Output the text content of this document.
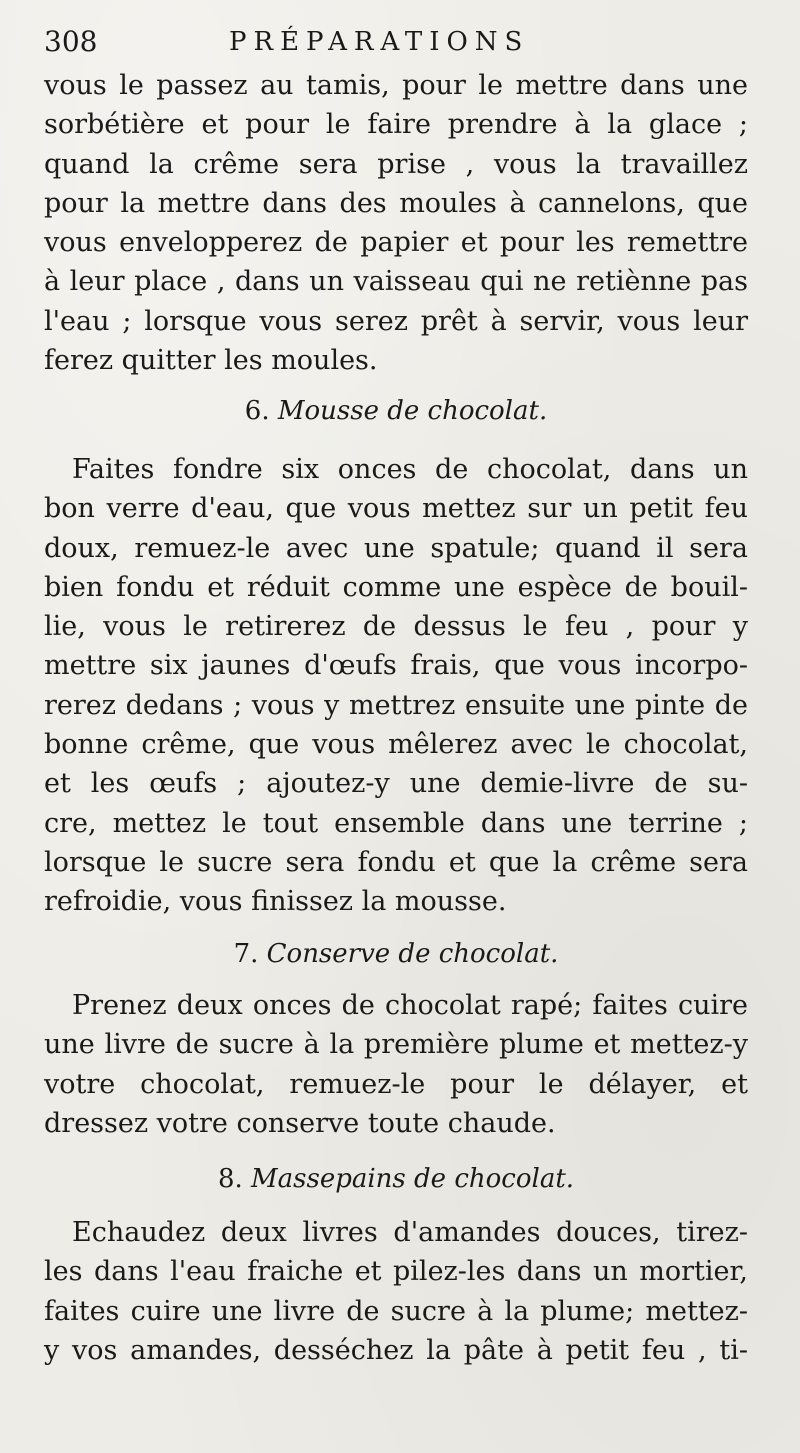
308	PRÉPARATIONS
vous le passez au tamis, pour le mettre dans une
sorbétière et pour le faire prendre à la glace ;
quand la crême sera prise , vous la travaillez
pour la mettre dans des moules à cannelons, que
vous envelopperez de papier et pour les remettre
à leur place , dans un vaisseau qui ne retiènne pas
l'eau ; lorsque vous serez prêt à servir, vous leur
ferez quitter les moules.
6. Mousse de chocolat.
Faites fondre six onces de chocolat, dans un
bon verre d'eau, que vous mettez sur un petit feu
doux, remuez-le avec une spatule; quand il sera
bien fondu et réduit comme une espèce de bouil-
lie, vous le retirerez de dessus le feu , pour y
mettre six jaunes d'œufs frais, que vous incorpo-
rerez dedans ; vous y mettrez ensuite une pinte de
bonne crême, que vous mêlerez avec le chocolat,
et les œufs ; ajoutez-y une demie-livre de su-
cre, mettez le tout ensemble dans une terrine ;
lorsque le sucre sera fondu et que la crême sera
refroidie, vous finissez la mousse.
7. Conserve de chocolat.
Prenez deux onces de chocolat rapé; faites cuire
une livre de sucre à la première plume et mettez-y
votre chocolat, remuez-le pour le délayer, et
dressez votre conserve toute chaude.
8. Massepains de chocolat.
Echaudez deux livres d'amandes douces, tirez-
les dans l'eau fraiche et pilez-les dans un mortier,
faites cuire une livre de sucre à la plume; mettez-
y vos amandes, desséchez la pâte à petit feu , ti-
